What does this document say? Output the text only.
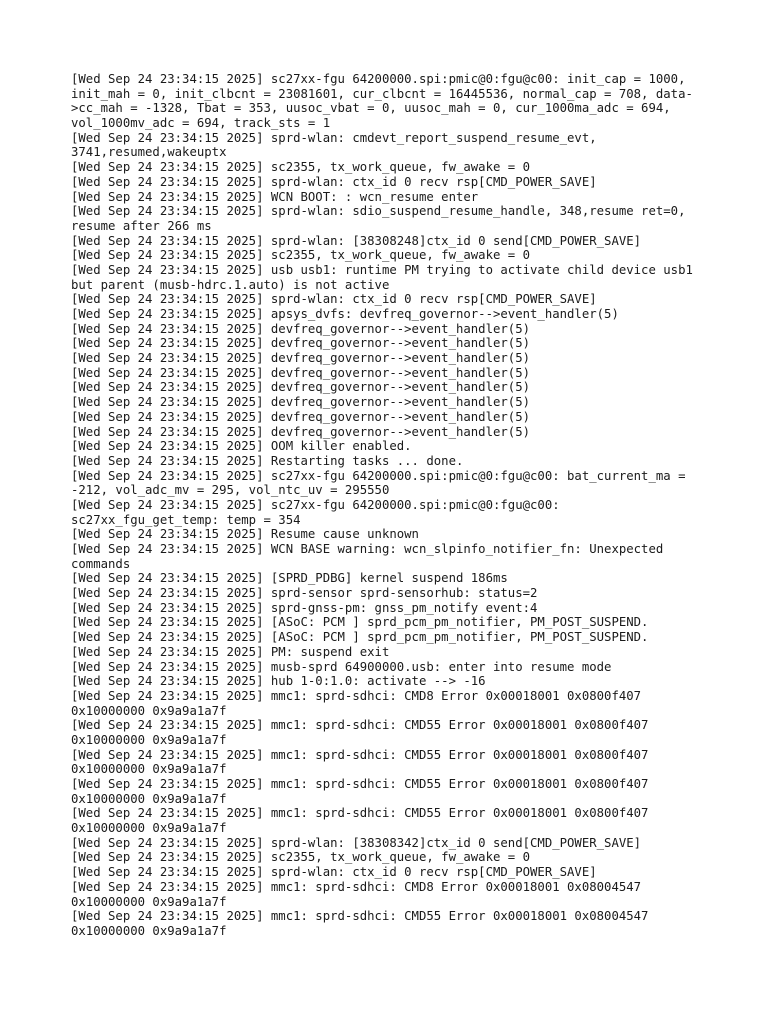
[Wed Sep 24 23:34:15 2025] sc27xx-fgu 64200000.spi:pmic@0:fgu@c00: init_cap = 1000, init_mah = 0, init_clbcnt = 23081601, cur_clbcnt = 16445536, normal_cap = 708, data->cc_mah = -1328, Tbat = 353, uusoc_vbat = 0, uusoc_mah = 0, cur_1000ma_adc = 694, vol_1000mv_adc = 694, track_sts = 1

[Wed Sep 24 23:34:15 2025] sprd-wlan: cmdevt_report_suspend_resume_evt, 3741,resumed,wakeuptx

[Wed Sep 24 23:34:15 2025] sc2355, tx_work_queue, fw_awake = 0

[Wed Sep 24 23:34:15 2025] sprd-wlan: ctx_id 0 recv rsp[CMD_POWER_SAVE]

[Wed Sep 24 23:34:15 2025] WCN BOOT: : wcn_resume enter

[Wed Sep 24 23:34:15 2025] sprd-wlan: sdio_suspend_resume_handle, 348,resume ret=0, resume after 266 ms

[Wed Sep 24 23:34:15 2025] sprd-wlan: [38308248]ctx_id 0 send[CMD_POWER_SAVE]

[Wed Sep 24 23:34:15 2025] sc2355, tx_work_queue, fw_awake = 0

[Wed Sep 24 23:34:15 2025] usb usb1: runtime PM trying to activate child device usb1 but parent (musb-hdrc.1.auto) is not active

[Wed Sep 24 23:34:15 2025] sprd-wlan: ctx_id 0 recv rsp[CMD_POWER_SAVE]

[Wed Sep 24 23:34:15 2025] apsys_dvfs: devfreq_governor-->event_handler(5)

[Wed Sep 24 23:34:15 2025] devfreq_governor-->event_handler(5)

[Wed Sep 24 23:34:15 2025] devfreq_governor-->event_handler(5)

[Wed Sep 24 23:34:15 2025] devfreq_governor-->event_handler(5)

[Wed Sep 24 23:34:15 2025] devfreq_governor-->event_handler(5)

[Wed Sep 24 23:34:15 2025] devfreq_governor-->event_handler(5)

[Wed Sep 24 23:34:15 2025] devfreq_governor-->event_handler(5)

[Wed Sep 24 23:34:15 2025] devfreq_governor-->event_handler(5)

[Wed Sep 24 23:34:15 2025] devfreq_governor-->event_handler(5)

[Wed Sep 24 23:34:15 2025] OOM killer enabled.

[Wed Sep 24 23:34:15 2025] Restarting tasks ... done.

[Wed Sep 24 23:34:15 2025] sc27xx-fgu 64200000.spi:pmic@0:fgu@c00: bat_current_ma = -212, vol_adc_mv = 295, vol_ntc_uv = 295550

[Wed Sep 24 23:34:15 2025] sc27xx-fgu 64200000.spi:pmic@0:fgu@c00: sc27xx_fgu_get_temp: temp = 354

[Wed Sep 24 23:34:15 2025] Resume cause unknown

[Wed Sep 24 23:34:15 2025] WCN BASE warning: wcn_slpinfo_notifier_fn: Unexpected commands

[Wed Sep 24 23:34:15 2025] [SPRD_PDBG] kernel suspend 186ms

[Wed Sep 24 23:34:15 2025] sprd-sensor sprd-sensorhub: status=2

[Wed Sep 24 23:34:15 2025] sprd-gnss-pm: gnss_pm_notify event:4

[Wed Sep 24 23:34:15 2025] [ASoC: PCM ] sprd_pcm_pm_notifier, PM_POST_SUSPEND.

[Wed Sep 24 23:34:15 2025] [ASoC: PCM ] sprd_pcm_pm_notifier, PM_POST_SUSPEND.

[Wed Sep 24 23:34:15 2025] PM: suspend exit

[Wed Sep 24 23:34:15 2025] musb-sprd 64900000.usb: enter into resume mode

[Wed Sep 24 23:34:15 2025] hub 1-0:1.0: activate --> -16

[Wed Sep 24 23:34:15 2025] mmc1: sprd-sdhci: CMD8 Error 0x00018001 0x0800f407 0x10000000 0x9a9a1a7f

[Wed Sep 24 23:34:15 2025] mmc1: sprd-sdhci: CMD55 Error 0x00018001 0x0800f407 0x10000000 0x9a9a1a7f

[Wed Sep 24 23:34:15 2025] mmc1: sprd-sdhci: CMD55 Error 0x00018001 0x0800f407 0x10000000 0x9a9a1a7f

[Wed Sep 24 23:34:15 2025] mmc1: sprd-sdhci: CMD55 Error 0x00018001 0x0800f407 0x10000000 0x9a9a1a7f

[Wed Sep 24 23:34:15 2025] mmc1: sprd-sdhci: CMD55 Error 0x00018001 0x0800f407 0x10000000 0x9a9a1a7f

[Wed Sep 24 23:34:15 2025] sprd-wlan: [38308342]ctx_id 0 send[CMD_POWER_SAVE]

[Wed Sep 24 23:34:15 2025] sc2355, tx_work_queue, fw_awake = 0

[Wed Sep 24 23:34:15 2025] sprd-wlan: ctx_id 0 recv rsp[CMD_POWER_SAVE]

[Wed Sep 24 23:34:15 2025] mmc1: sprd-sdhci: CMD8 Error 0x00018001 0x08004547 0x10000000 0x9a9a1a7f

[Wed Sep 24 23:34:15 2025] mmc1: sprd-sdhci: CMD55 Error 0x00018001 0x08004547 0x10000000 0x9a9a1a7f
